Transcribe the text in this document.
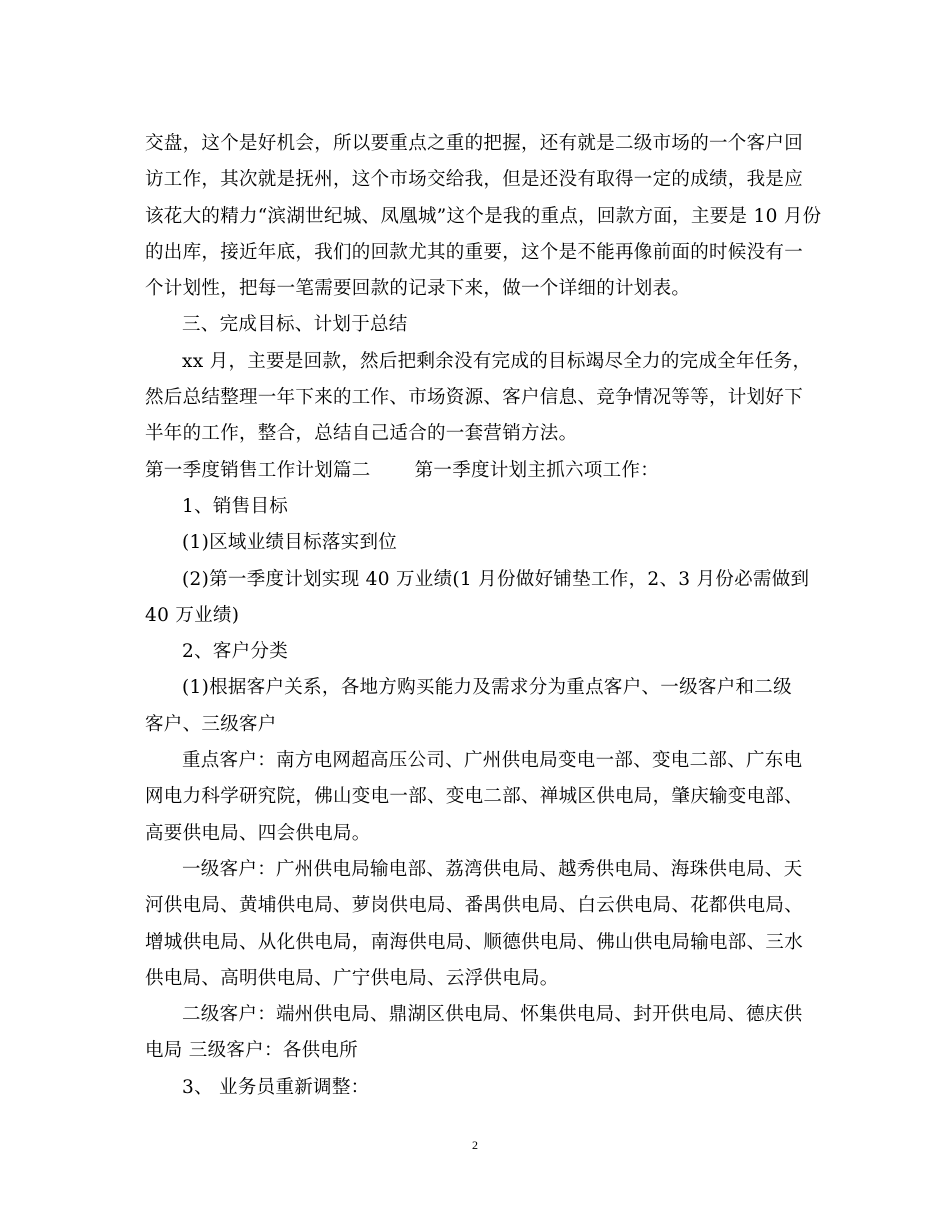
交盘，这个是好机会，所以要重点之重的把握，还有就是二级市场的一个客户回
访工作，其次就是抚州，这个市场交给我，但是还没有取得一定的成绩，我是应
该花大的精力“滨湖世纪城、凤凰城”这个是我的重点，回款方面，主要是 10 月份
的出库，接近年底，我们的回款尤其的重要，这个是不能再像前面的时候没有一
个计划性，把每一笔需要回款的记录下来，做一个详细的计划表。
三、完成目标、计划于总结
xx 月，主要是回款，然后把剩余没有完成的目标竭尽全力的完成全年任务，
然后总结整理一年下来的工作、市场资源、客户信息、竞争情况等等，计划好下
半年的工作，整合，总结自己适合的一套营销方法。
第一季度销售工作计划篇二 第一季度计划主抓六项工作：
1、销售目标
(1)区域业绩目标落实到位
(2)第一季度计划实现 40 万业绩(1 月份做好铺垫工作，2、3 月份必需做到
40 万业绩)
2、客户分类
(1)根据客户关系，各地方购买能力及需求分为重点客户、一级客户和二级
客户、三级客户
重点客户：南方电网超高压公司、广州供电局变电一部、变电二部、广东电
网电力科学研究院，佛山变电一部、变电二部、禅城区供电局，肇庆输变电部、
高要供电局、四会供电局。
一级客户：广州供电局输电部、荔湾供电局、越秀供电局、海珠供电局、天
河供电局、黄埔供电局、萝岗供电局、番禺供电局、白云供电局、花都供电局、
增城供电局、从化供电局，南海供电局、顺德供电局、佛山供电局输电部、三水
供电局、高明供电局、广宁供电局、云浮供电局。
二级客户：端州供电局、鼎湖区供电局、怀集供电局、封开供电局、德庆供
电局 三级客户：各供电所
3、 业务员重新调整：
2
